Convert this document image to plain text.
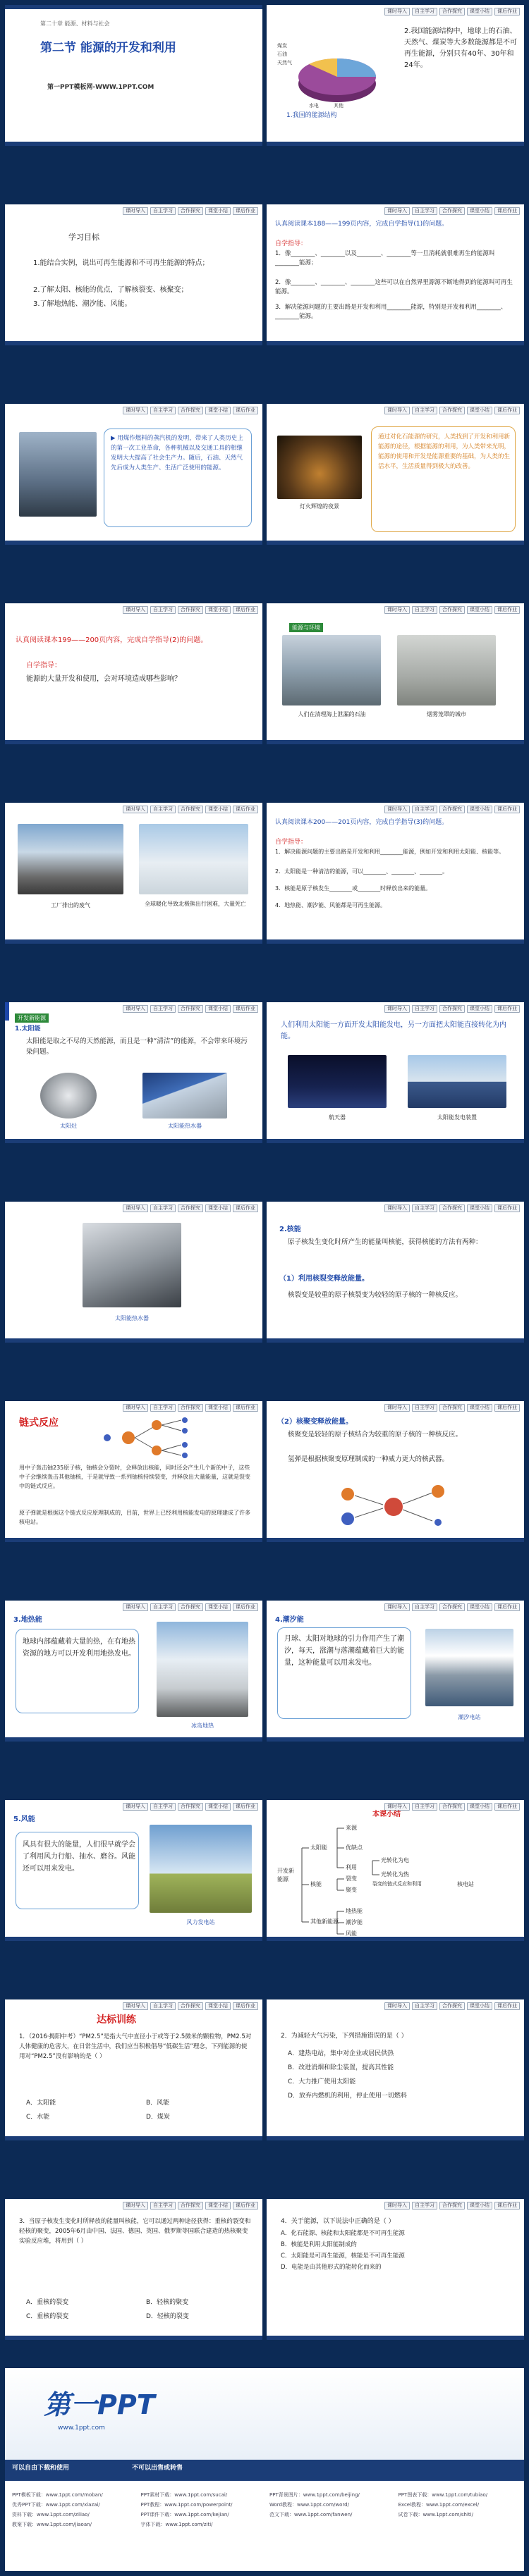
第二十章 能源、材料与社会
第二节 能源的开发和利用
第一PPT模板网-WWW.1PPT.COM
课时导入	自主学习	合作探究	课堂小结	课后作业
煤炭
石油
天然气
水电	其他
1.我国的能源结构
2.我国能源结构中，地球上的石油、天然气、煤炭等大多数能源都是不可再生能源，分别只有40年、30年和24年。
课时导入	自主学习	合作探究	课堂小结	课后作业
学习目标
1.能结合实例，说出可再生能源和不可再生能源的特点；
2.了解太阳、核能的优点，了解核裂变、核聚变；
3.了解地热能、潮汐能、风能。
课时导入	自主学习	合作探究	课堂小结	课后作业
认真阅读课本188——199页内容，完成自学指导(1)的问题。
自学指导：
1．像________、________以及________、________等一旦消耗就很难再生的能源叫________能源；
2．像________、________、________这些可以在自然界里源源不断地得到的能源叫可再生能源。
3．解决能源问题的主要出路是开发和利用________能源，特别是开发和利用________、________能源。
课时导入	自主学习	合作探究	课堂小结	课后作业
▶ 用煤作燃料的蒸汽机的发明，带来了人类历史上的第一次工业革命，各种机械以及交通工具的相继发明大大提高了社会生产力。随后，石油、天然气先后成为人类生产、生活广泛使用的能源。
课时导入	自主学习	合作探究	课堂小结	课后作业
灯火辉煌的夜景
通过对化石能源的研究，人类找到了开发和利用新能源的途径，根据能源的利用，为人类带来光明，能源的使用和开发是能源重要的基础，为人类的生活水平，生活质量得到极大的改善。
课时导入	自主学习	合作探究	课堂小结	课后作业
认真阅读课本199——200页内容，完成自学指导(2)的问题。
自学指导：
能源的大量开发和使用，会对环境造成哪些影响？
课时导入	自主学习	合作探究	课堂小结	课后作业
能源与环境
人们在清理海上泄漏的石油	烟雾笼罩的城市
课时导入	自主学习	合作探究	课堂小结	课后作业
工厂排出的废气	全球暖化导致北极熊出行困难，大量死亡
课时导入	自主学习	合作探究	课堂小结	课后作业
认真阅读课本200——201页内容，完成自学指导(3)的问题。
自学指导：
1．解决能源问题的主要出路是开发和利用________能源，例如开发和利用太阳能、核能等。
2．太阳能是一种清洁的能源，可以________、________、________。
3．核能是原子核发生________或________时释放出来的能量。
4．地热能、潮汐能、风能都是可再生能源。
课时导入	自主学习	合作探究	课堂小结	课后作业
开发新能源
1.太阳能
太阳能是取之不尽的天然能源，而且是一种“清洁”的能源，不会带来环境污染问题。
太阳灶	太阳能热水器
课时导入	自主学习	合作探究	课堂小结	课后作业
人们利用太阳能一方面开发太阳能发电，另一方面把太阳能直接转化为内能。
航天器	太阳能发电装置
课时导入	自主学习	合作探究	课堂小结	课后作业
太阳能热水器
课时导入	自主学习	合作探究	课堂小结	课后作业
2.核能
原子核发生变化时所产生的能量叫核能，获得核能的方法有两种：
（1）利用核裂变释放能量。
核裂变是较重的原子核裂变为较轻的原子核的一种核反应。
课时导入	自主学习	合作探究	课堂小结	课后作业
链式反应
用中子轰击铀235原子核，铀核会分裂时，会释放出核能，同时还会产生几个新的中子，这些中子会继续轰击其他铀核，于是就导致一系列铀核持续裂变，并释放出大量能量，这就是裂变中的链式反应。
原子弹就是根据这个链式反应原理制成的，目前，世界上已经利用核能发电的原理建成了许多核电站。
课时导入	自主学习	合作探究	课堂小结	课后作业
（2）核聚变释放能量。
核聚变是较轻的原子核结合为较重的原子核的一种核反应。
氢弹是根据核聚变原理制成的一种威力更大的核武器。
课时导入	自主学习	合作探究	课堂小结	课后作业
3.地热能
地球内部蕴藏着大量的热，在有地热资源的地方可以开发利用地热发电。
冰岛地热
课时导入	自主学习	合作探究	课堂小结	课后作业
4.潮汐能
月球、太阳对地球的引力作用产生了潮汐，每天，涨潮与落潮蕴藏着巨大的能量，这种能量可以用来发电。
潮汐电站
课时导入	自主学习	合作探究	课堂小结	课后作业
5.风能
风具有很大的能量，人们很早就学会了利用风力行船、抽水、磨谷。风能还可以用来发电。
风力发电站
课时导入	自主学习	合作探究	课堂小结	课后作业
本课小结
开发新能源
太阳能
核能
其他新能源
来源
优缺点
利用
光转化为电
光转化为热
裂变
聚变
裂变的链式反应和利用	核电站
地热能
潮汐能
风能
课时导入	自主学习	合作探究	课堂小结	课后作业
达标训练
1．（2016·揭阳中考）“PM2.5”是指大气中直径小于或等于2.5微米的颗粒物，PM2.5对人体健康的危害大，在日常生活中，我们应当积极倡导“低碳生活”理念，下列能源的使用对“PM2.5”没有影响的是（ ）
A．太阳能	B．风能
C．水能	D．煤炭
课时导入	自主学习	合作探究	课堂小结	课后作业
2．为减轻大气污染，下列措施错误的是（ ）
A．建热电站，集中对企业或居民供热
B．改进消烟和除尘装置，提高其性能
C．大力推广使用太阳能
D．放弃内燃机的利用，停止使用一切燃料
课时导入	自主学习	合作探究	课堂小结	课后作业
3．当原子核发生变化时所释放的能量叫核能，它可以通过两种途径获得：重核的裂变和轻核的聚变，2005年6月由中国、法国、德国、英国、俄罗斯等国联合建造的热核聚变实验反应堆，将用到（ ）
A．重核的裂变	B．轻核的聚变
C．重核的裂变	D．轻核的裂变
课时导入	自主学习	合作探究	课堂小结	课后作业
4．关于能源，以下说法中正确的是（ ）
A．化石能源、核能和太阳能都是不可再生能源
B．核能是利用太阳能制成的
C．太阳能是可再生能源，核能是不可再生能源
D．电能是由其他形式的能转化而来的
第一PPT
www.1ppt.com
可以自由下载和使用	不可以出售或转售
PPT模板下载：www.1ppt.com/moban/	PPT素材下载：www.1ppt.com/sucai/	PPT背景图片：www.1ppt.com/beijing/	PPT图表下载：www.1ppt.com/tubiao/
优秀PPT下载：www.1ppt.com/xiazai/	PPT教程：www.1ppt.com/powerpoint/	Word教程：www.1ppt.com/word/	Excel教程：www.1ppt.com/excel/
资料下载：www.1ppt.com/ziliao/	PPT课件下载：www.1ppt.com/kejian/	范文下载：www.1ppt.com/fanwen/	试卷下载：www.1ppt.com/shiti/
教案下载：www.1ppt.com/jiaoan/	字体下载：www.1ppt.com/ziti/
